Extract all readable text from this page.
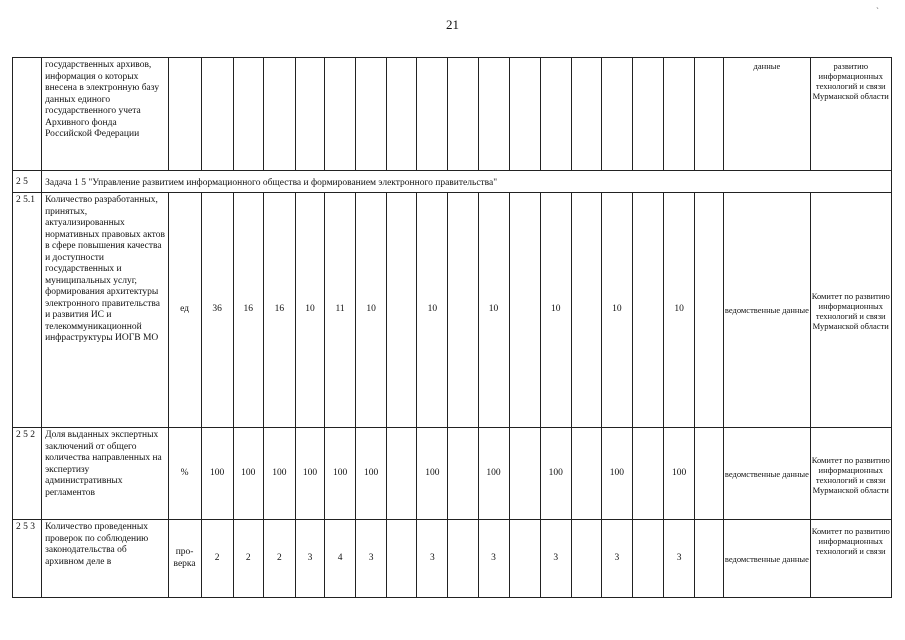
21
`
	государственных архивов, информация о которых внесена в электронную базу данных единого государственного учета Архивного фонда Российской Федерации																			данные	развитию информационных технологий и связи Мурманской области
2 5	Задача 1 5 "Управление развитием информационного общества и формированием электронного правительства"																				
2 5.1	Количество разработанных, принятых, актуализированных нормативных правовых актов в сфере повышения качества и доступности государственных и муниципальных услуг, формирования архитектуры электронного правительства и развития ИС и телекоммуникационной инфраструктуры ИОГВ МО	ед	36	16	16	10	11	10		10		10		10		10		10		ведомственные данные	Комитет по развитию информационных технологий и связи Мурманской области
2 5 2	Доля выданных экспертных заключений от общего количества направленных на экспертизу административных регламентов	%	100	100	100	100	100	100		100		100		100		100		100		ведомственные данные	Комитет по развитию информационных технологий и связи Мурманской области
2 5 3	Количество проведенных проверок по соблюдению законодательства об архивном деле в	про-верка	2	2	2	3	4	3		3		3		3		3		3		ведомственные данные	Комитет по развитию информационных технологий и связи
